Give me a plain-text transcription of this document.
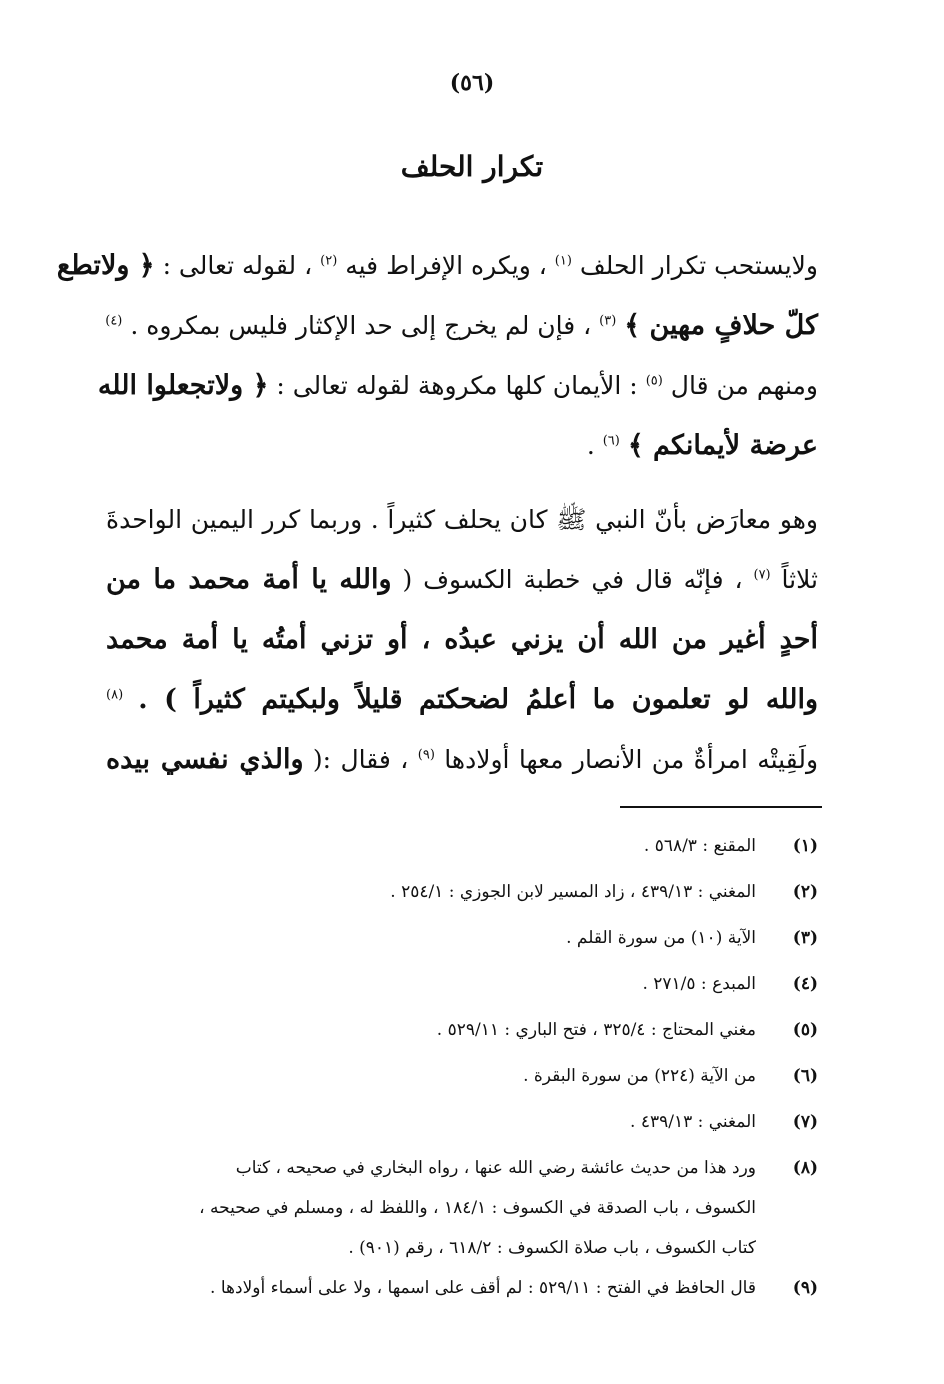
(٥٦)
تكرار الحلف
ولايستحب تكرار الحلف $^{(١)}$ ، ويكره الإفراط فيه $^{(٢)}$ ، لقوله تعالى : ﴿ ولاتطع
كلّ حلافٍ مهين ﴾ $^{(٣)}$ ، فإن لم يخرج إلى حد الإكثار فليس بمكروه . $^{(٤)}$
ومنهم من قال $^{(٥)}$ : الأيمان كلها مكروهة لقوله تعالى : ﴿ ولاتجعلوا الله
عرضة لأيمانكم ﴾ $^{(٦)}$ .
وهو معارَض بأنّ النبي ﷺ كان يحلف كثيراً . وربما كرر اليمين الواحدةَ
ثلاثاً $^{(٧)}$ ، فإنّه قال في خطبة الكسوف ( والله يا أمة محمد ما من
أحدٍ أغير من الله أن يزني عبدُه ، أو تزني أمتُه يا أمة محمد
والله لو تعلمون ما أعلمُ لضحكتم قليلاً ولبكيتم كثيراً ) . $^{(٨)}$
ولَقِيتْه امرأةٌ من الأنصار معها أولادها $^{(٩)}$ ، فقال :( والذي نفسي بيده
(١)
المقنع : ٥٦٨/٣ .
(٢)
المغني : ٤٣٩/١٣ ، زاد المسير لابن الجوزي : ٢٥٤/١ .
(٣)
الآية (١٠) من سورة القلم .
(٤)
المبدع : ٢٧١/٥ .
(٥)
مغني المحتاج : ٣٢٥/٤ ، فتح الباري : ٥٢٩/١١ .
(٦)
من الآية (٢٢٤) من سورة البقرة .
(٧)
المغني : ٤٣٩/١٣ .
(٨)
ورد هذا من حديث عائشة رضي الله عنها ، رواه البخاري في صحيحه ، كتاب
الكسوف ، باب الصدقة في الكسوف : ١٨٤/١ ، واللفظ له ، ومسلم في صحيحه ،
كتاب الكسوف ، باب صلاة الكسوف : ٦١٨/٢ ، رقم (٩٠١) .
(٩)
قال الحافظ في الفتح : ٥٢٩/١١ : لم أقف على اسمها ، ولا على أسماء أولادها .
